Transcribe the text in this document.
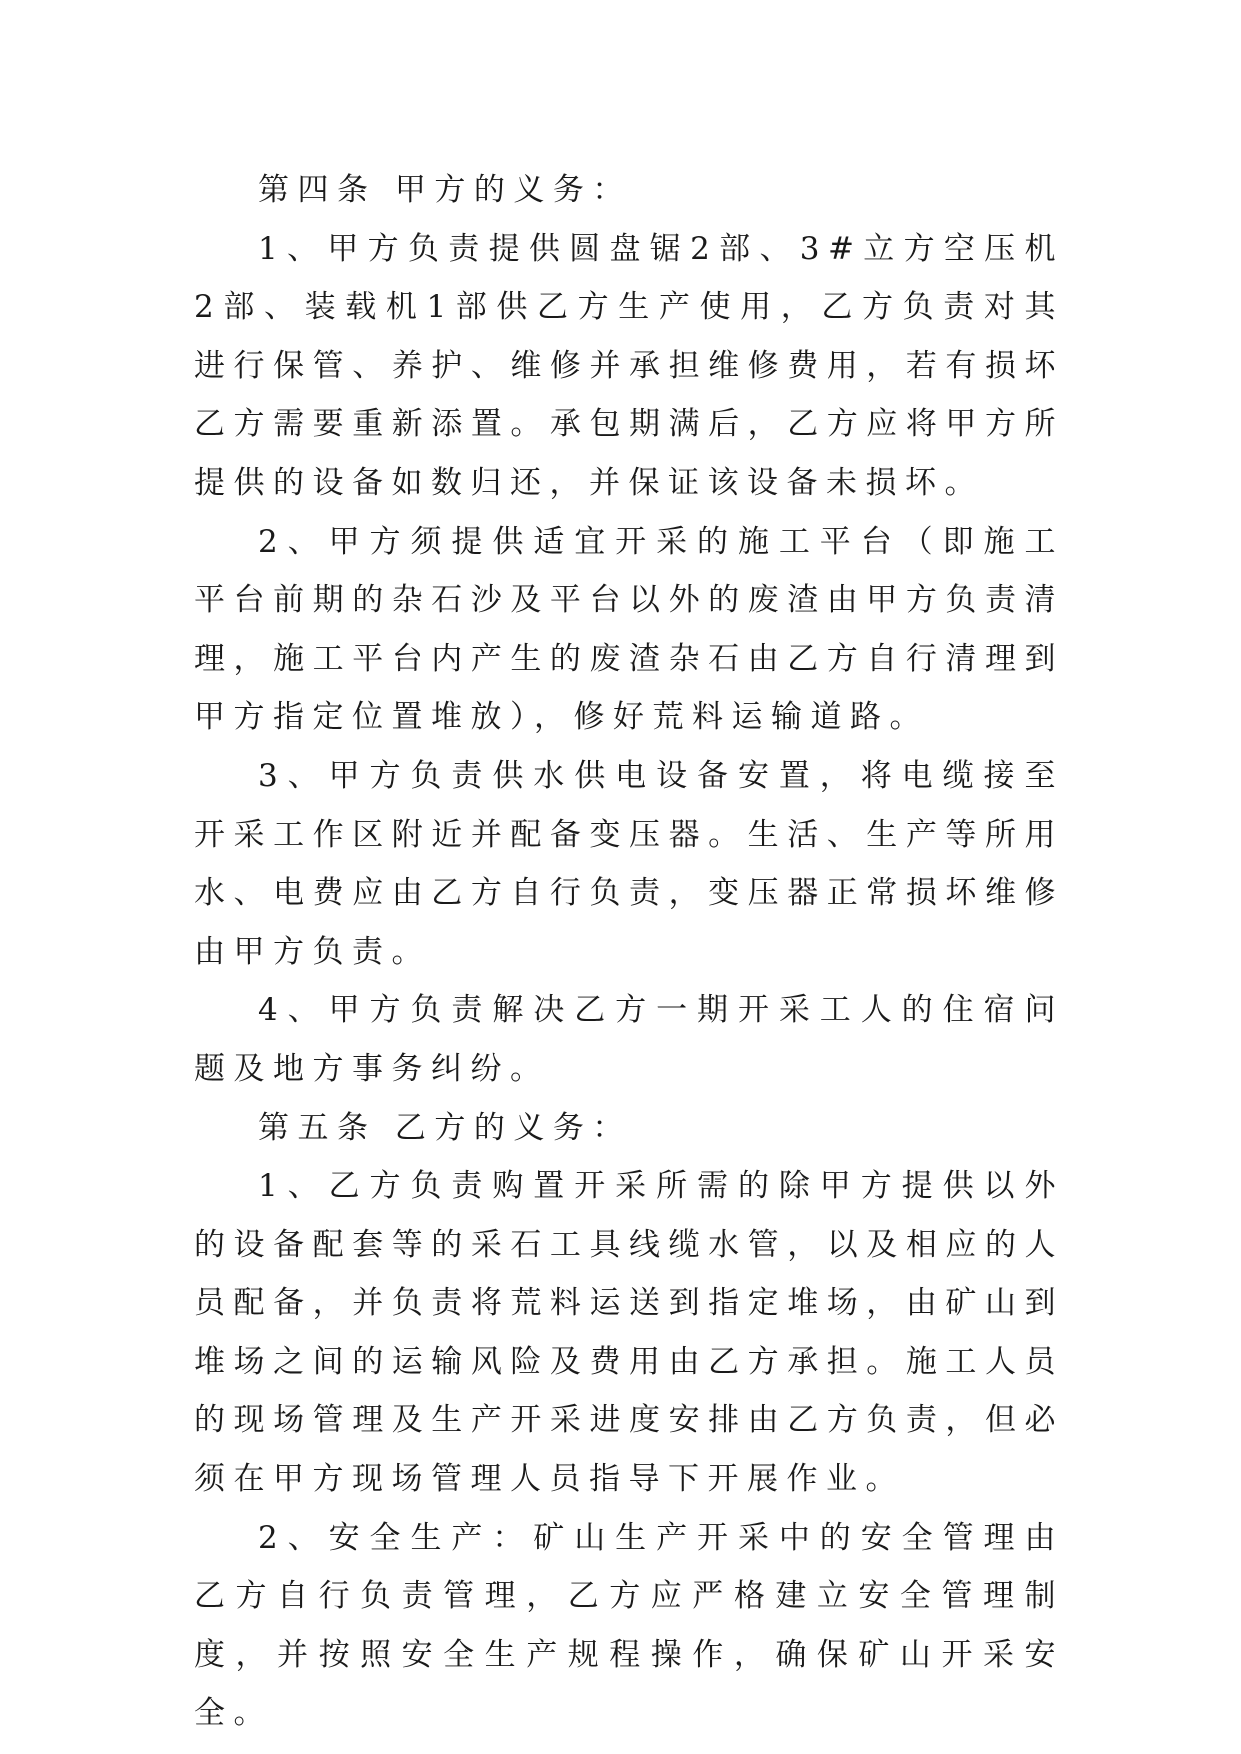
第四条 甲方的义务：

1、甲方负责提供圆盘锯2部、3#立方空压机2部、装载机1部供乙方生产使用，乙方负责对其进行保管、养护、维修并承担维修费用，若有损坏乙方需要重新添置。承包期满后，乙方应将甲方所提供的设备如数归还，并保证该设备未损坏。

2、甲方须提供适宜开采的施工平台（即施工平台前期的杂石沙及平台以外的废渣由甲方负责清理，施工平台内产生的废渣杂石由乙方自行清理到甲方指定位置堆放），修好荒料运输道路。

3、甲方负责供水供电设备安置，将电缆接至开采工作区附近并配备变压器。生活、生产等所用水、电费应由乙方自行负责，变压器正常损坏维修由甲方负责。

4、甲方负责解决乙方一期开采工人的住宿问题及地方事务纠纷。

第五条 乙方的义务：

1、乙方负责购置开采所需的除甲方提供以外的设备配套等的采石工具线缆水管，以及相应的人员配备，并负责将荒料运送到指定堆场，由矿山到堆场之间的运输风险及费用由乙方承担。施工人员的现场管理及生产开采进度安排由乙方负责，但必须在甲方现场管理人员指导下开展作业。

2、安全生产：矿山生产开采中的安全管理由乙方自行负责管理，乙方应严格建立安全管理制度，并按照安全生产规程操作，确保矿山开采安全。
